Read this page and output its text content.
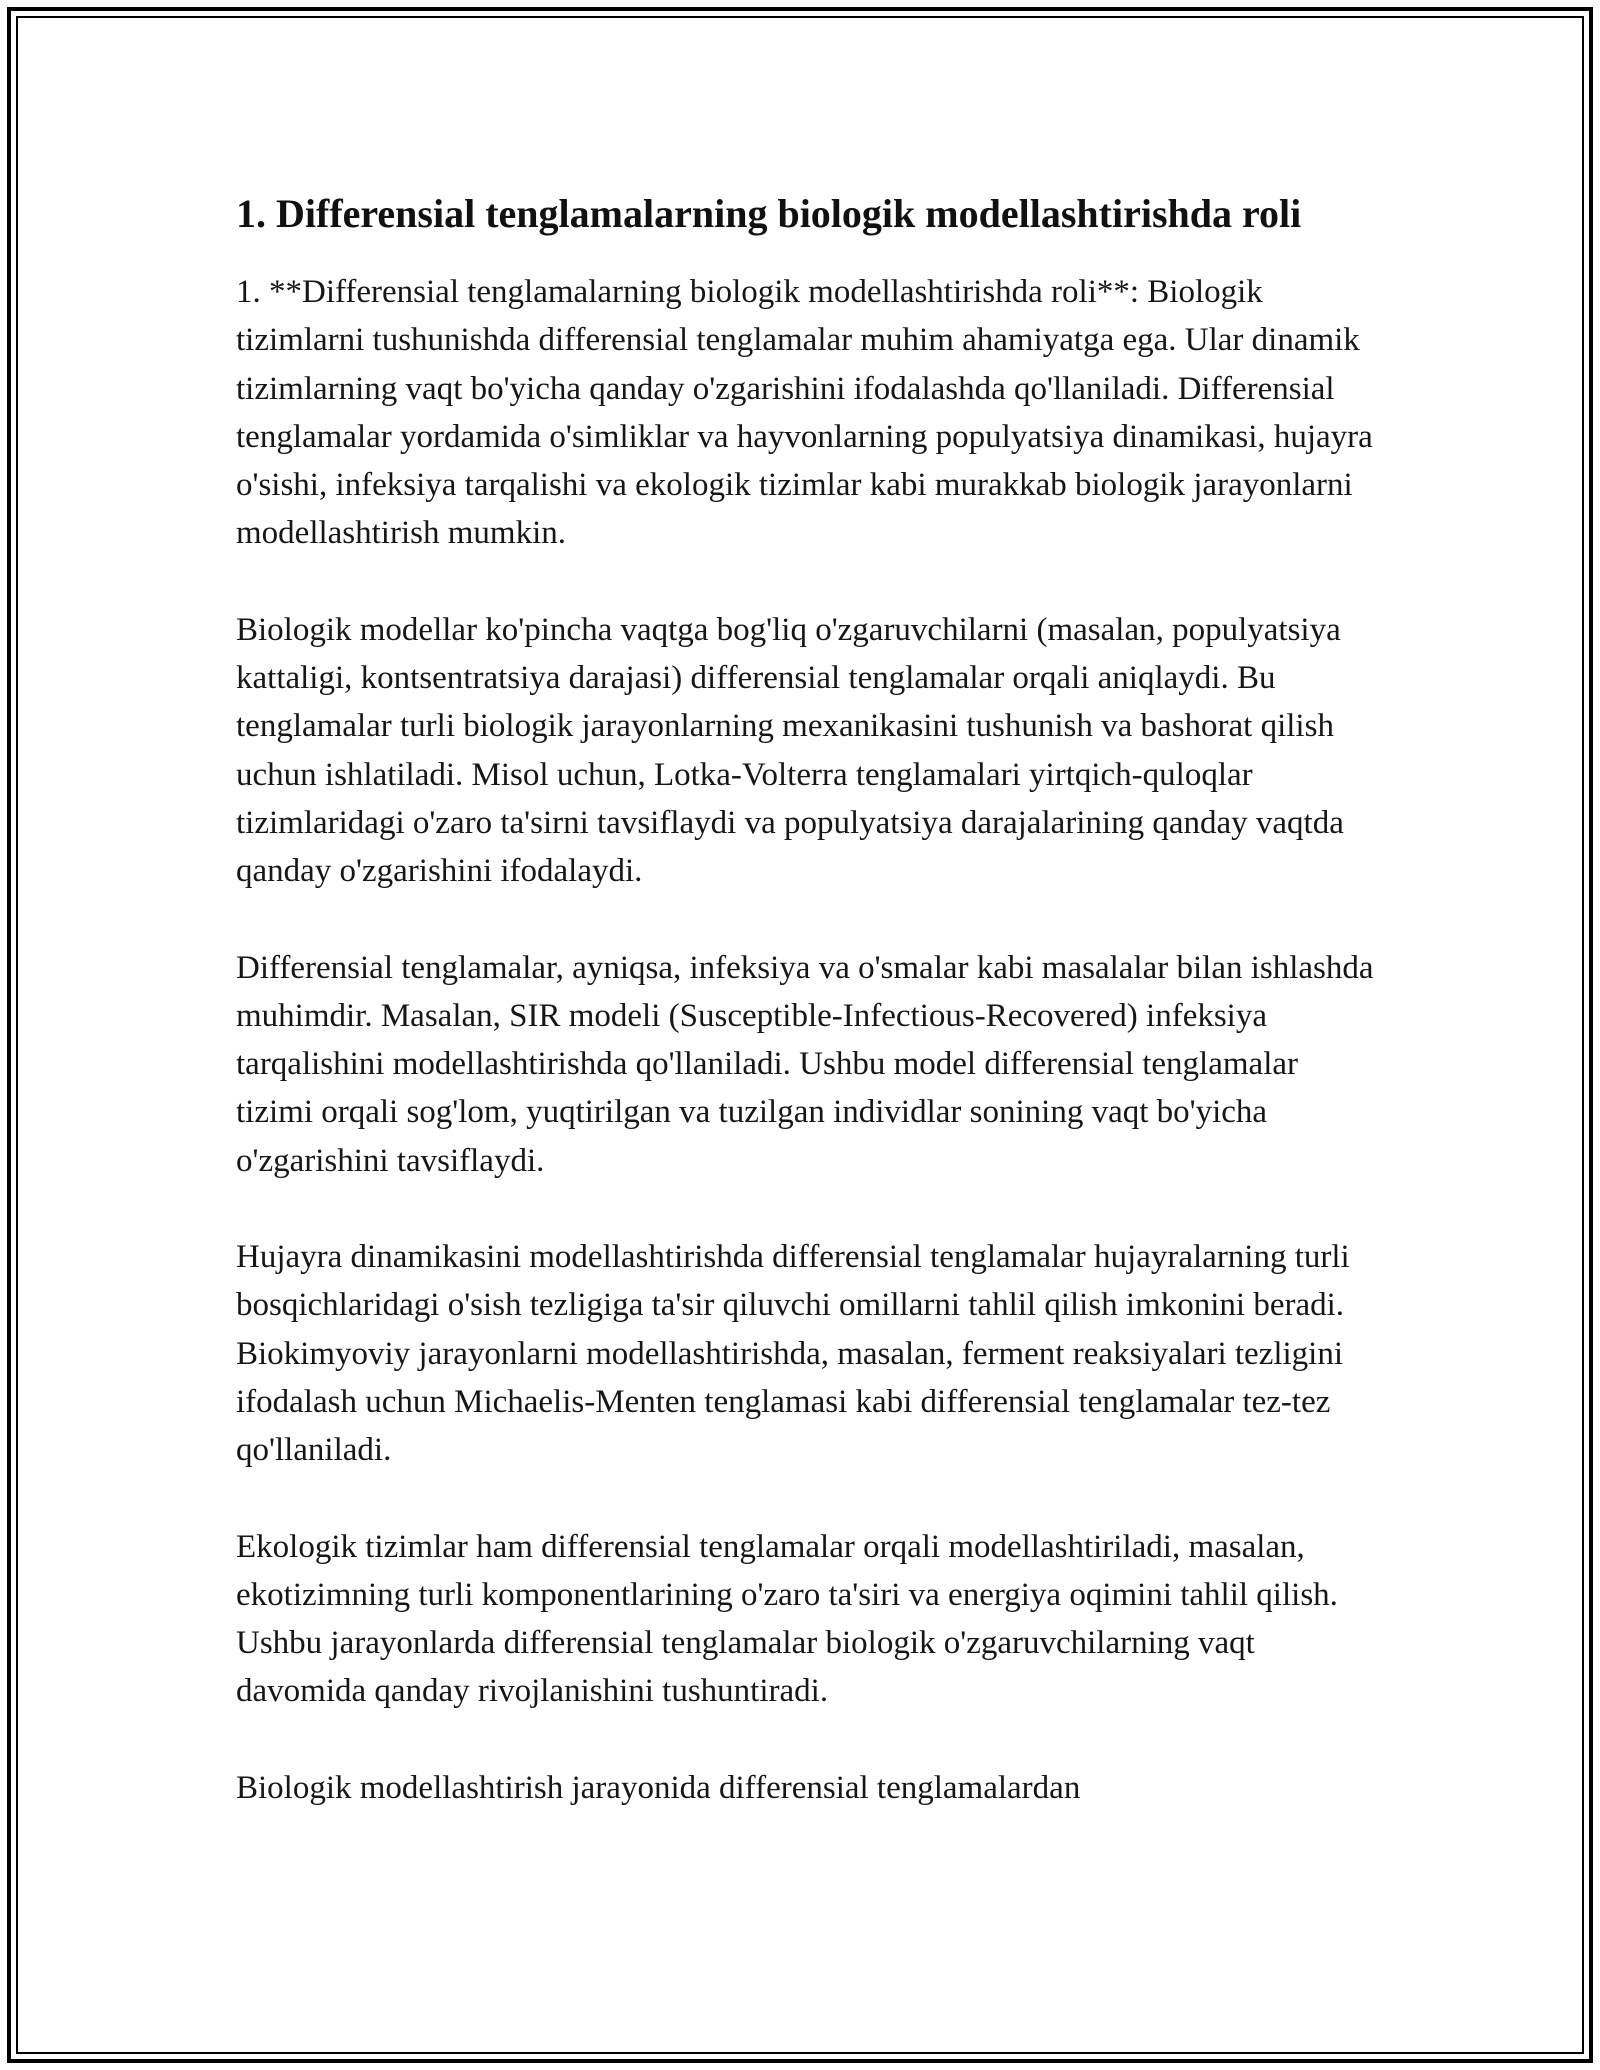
1. Differensial tenglamalarning biologik modellashtirishda roli

1. **Differensial tenglamalarning biologik modellashtirishda roli**: Biologik tizimlarni tushunishda differensial tenglamalar muhim ahamiyatga ega. Ular dinamik tizimlarning vaqt bo'yicha qanday o'zgarishini ifodalashda qo'llaniladi. Differensial tenglamalar yordamida o'simliklar va hayvonlarning populyatsiya dinamikasi, hujayra o'sishi, infeksiya tarqalishi va ekologik tizimlar kabi murakkab biologik jarayonlarni modellashtirish mumkin.

Biologik modellar ko'pincha vaqtga bog'liq o'zgaruvchilarni (masalan, populyatsiya kattaligi, kontsentratsiya darajasi) differensial tenglamalar orqali aniqlaydi. Bu tenglamalar turli biologik jarayonlarning mexanikasini tushunish va bashorat qilish uchun ishlatiladi. Misol uchun, Lotka-Volterra tenglamalari yirtqich-quloqlar tizimlaridagi o'zaro ta'sirni tavsiflaydi va populyatsiya darajalarining qanday vaqtda qanday o'zgarishini ifodalaydi.

Differensial tenglamalar, ayniqsa, infeksiya va o'smalar kabi masalalar bilan ishlashda muhimdir. Masalan, SIR modeli (Susceptible-Infectious-Recovered) infeksiya tarqalishini modellashtirishda qo'llaniladi. Ushbu model differensial tenglamalar tizimi orqali sog'lom, yuqtirilgan va tuzilgan individlar sonining vaqt bo'yicha o'zgarishini tavsiflaydi.

Hujayra dinamikasini modellashtirishda differensial tenglamalar hujayralarning turli bosqichlaridagi o'sish tezligiga ta'sir qiluvchi omillarni tahlil qilish imkonini beradi. Biokimyoviy jarayonlarni modellashtirishda, masalan, ferment reaksiyalari tezligini ifodalash uchun Michaelis-Menten tenglamasi kabi differensial tenglamalar tez-tez qo'llaniladi.

Ekologik tizimlar ham differensial tenglamalar orqali modellashtiriladi, masalan, ekotizimning turli komponentlarining o'zaro ta'siri va energiya oqimini tahlil qilish. Ushbu jarayonlarda differensial tenglamalar biologik o'zgaruvchilarning vaqt davomida qanday rivojlanishini tushuntiradi.

Biologik modellashtirish jarayonida differensial tenglamalardan
